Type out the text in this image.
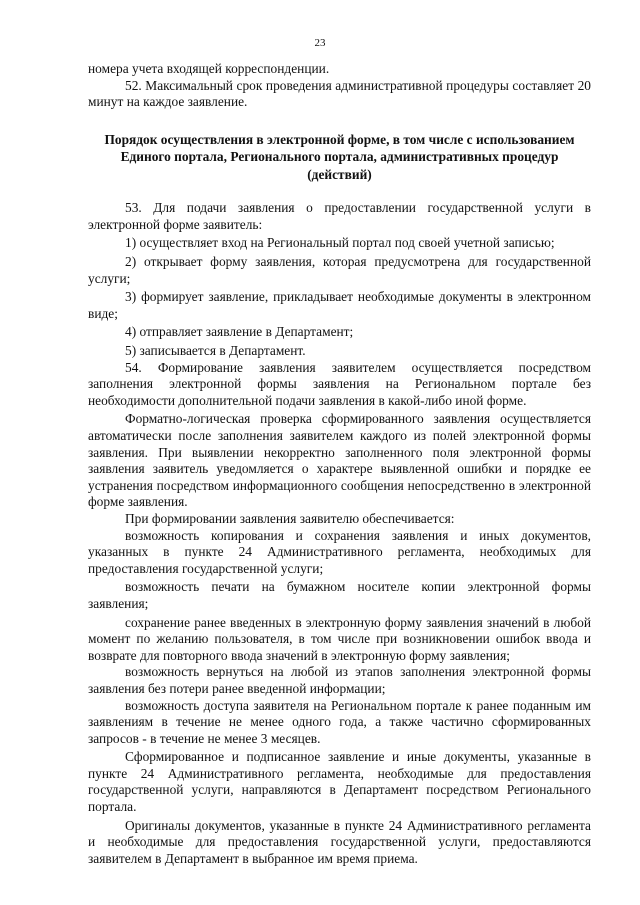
23

номера учета входящей корреспонденции.

52. Максимальный срок проведения административной процедуры составляет 20 минут на каждое заявление.

Порядок осуществления в электронной форме, в том числе с использованием
Единого портала, Регионального портала, административных процедур
(действий)

53. Для подачи заявления о предоставлении государственной услуги в электронной форме заявитель:

1) осуществляет вход на Региональный портал под своей учетной записью;

2) открывает форму заявления, которая предусмотрена для государственной услуги;

3) формирует заявление, прикладывает необходимые документы в электронном виде;

4) отправляет заявление в Департамент;

5) записывается в Департамент.

54. Формирование заявления заявителем осуществляется посредством заполнения электронной формы заявления на Региональном портале без необходимости дополнительной подачи заявления в какой-либо иной форме.

Форматно-логическая проверка сформированного заявления осуществляется автоматически после заполнения заявителем каждого из полей электронной формы заявления. При выявлении некорректно заполненного поля электронной формы заявления заявитель уведомляется о характере выявленной ошибки и порядке ее устранения посредством информационного сообщения непосредственно в электронной форме заявления.

При формировании заявления заявителю обеспечивается:

возможность копирования и сохранения заявления и иных документов, указанных в пункте 24 Административного регламента, необходимых для предоставления государственной услуги;

возможность печати на бумажном носителе копии электронной формы заявления;

сохранение ранее введенных в электронную форму заявления значений в любой момент по желанию пользователя, в том числе при возникновении ошибок ввода и возврате для повторного ввода значений в электронную форму заявления;

возможность вернуться на любой из этапов заполнения электронной формы заявления без потери ранее введенной информации;

возможность доступа заявителя на Региональном портале к ранее поданным им заявлениям в течение не менее одного года, а также частично сформированных запросов - в течение не менее 3 месяцев.

Сформированное и подписанное заявление и иные документы, указанные в пункте 24 Административного регламента, необходимые для предоставления государственной услуги, направляются в Департамент посредством Регионального портала.

Оригиналы документов, указанные в пункте 24 Административного регламента и необходимые для предоставления государственной услуги, предоставляются заявителем в Департамент в выбранное им время приема.
